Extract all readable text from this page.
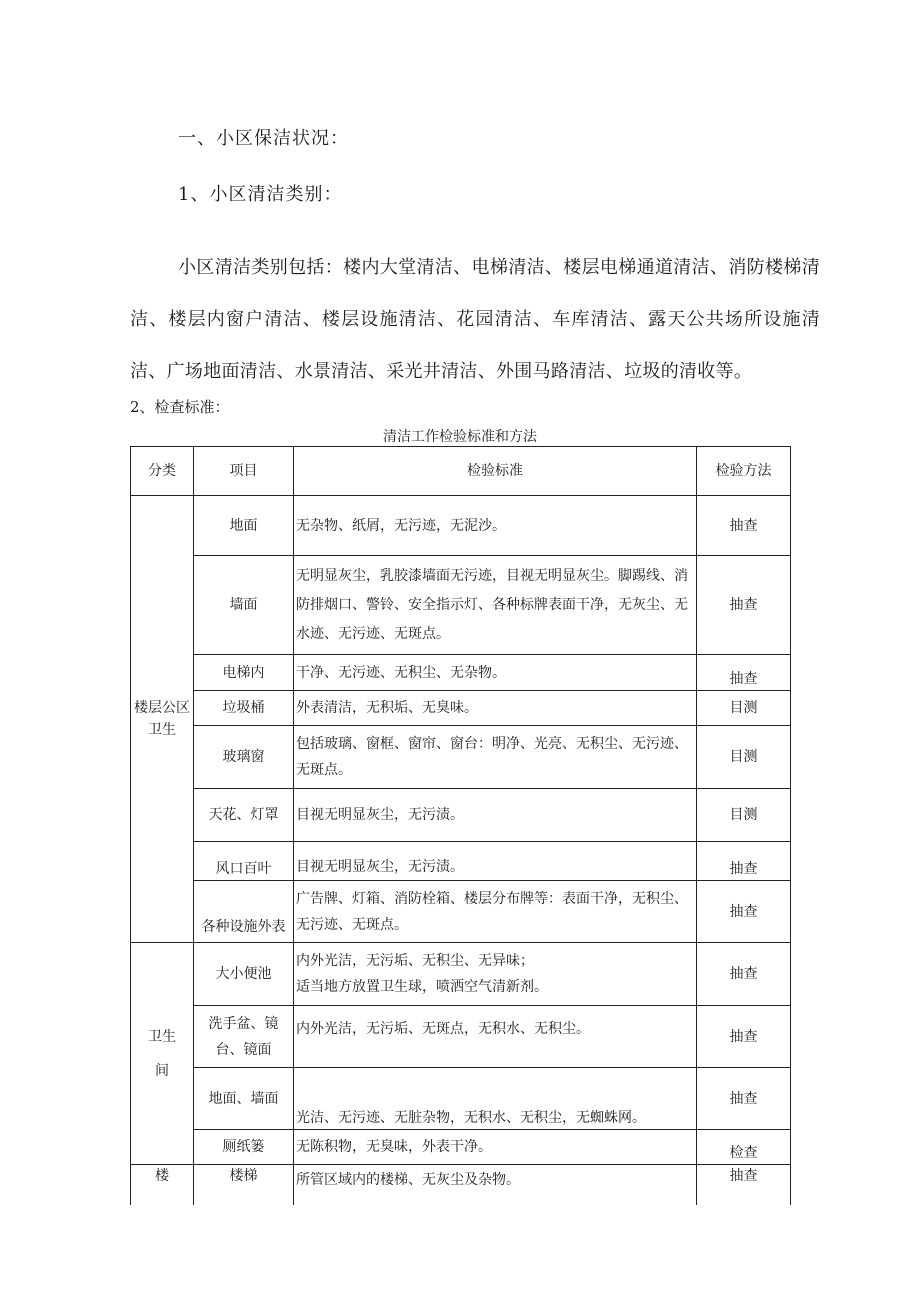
一、小区保洁状况：
1、小区清洁类别：
小区清洁类别包括：楼内大堂清洁、电梯清洁、楼层电梯通道清洁、消防楼梯清洁、楼层内窗户清洁、楼层设施清洁、花园清洁、车库清洁、露天公共场所设施清洁、广场地面清洁、水景清洁、采光井清洁、外围马路清洁、垃圾的清收等。
2、检查标准：
清洁工作检验标准和方法
分类	项目	检验标准	检验方法
楼层公区卫生	地面	无杂物、纸屑，无污迹，无泥沙。	抽查
	墙面	无明显灰尘，乳胶漆墙面无污迹，目视无明显灰尘。脚踢线、消防排烟口、警铃、安全指示灯、各种标牌表面干净，无灰尘、无水迹、无污迹、无斑点。	抽查
	电梯内	干净、无污迹、无积尘、无杂物。	抽查
	垃圾桶	外表清洁，无积垢、无臭味。	目测
	玻璃窗	包括玻璃、窗框、窗帘、窗台：明净、光亮、无积尘、无污迹、无斑点。	目测
	天花、灯罩	目视无明显灰尘，无污渍。	目测
	风口百叶	目视无明显灰尘，无污渍。	抽查
	各种设施外表	广告牌、灯箱、消防栓箱、楼层分布牌等：表面干净，无积尘、无污迹、无斑点。	抽查
卫生间	大小便池	内外光洁，无污垢、无积尘、无异味；
适当地方放置卫生球，喷洒空气清新剂。	抽查
	洗手盆、镜台、镜面	内外光洁，无污垢、无斑点，无积水、无积尘。	抽查
	地面、墙面	光洁、无污迹、无脏杂物，无积水、无积尘，无蜘蛛网。	抽查
	厕纸篓	无陈积物，无臭味，外表干净。	检查
楼	楼梯	所管区域内的楼梯、无灰尘及杂物。	抽查
